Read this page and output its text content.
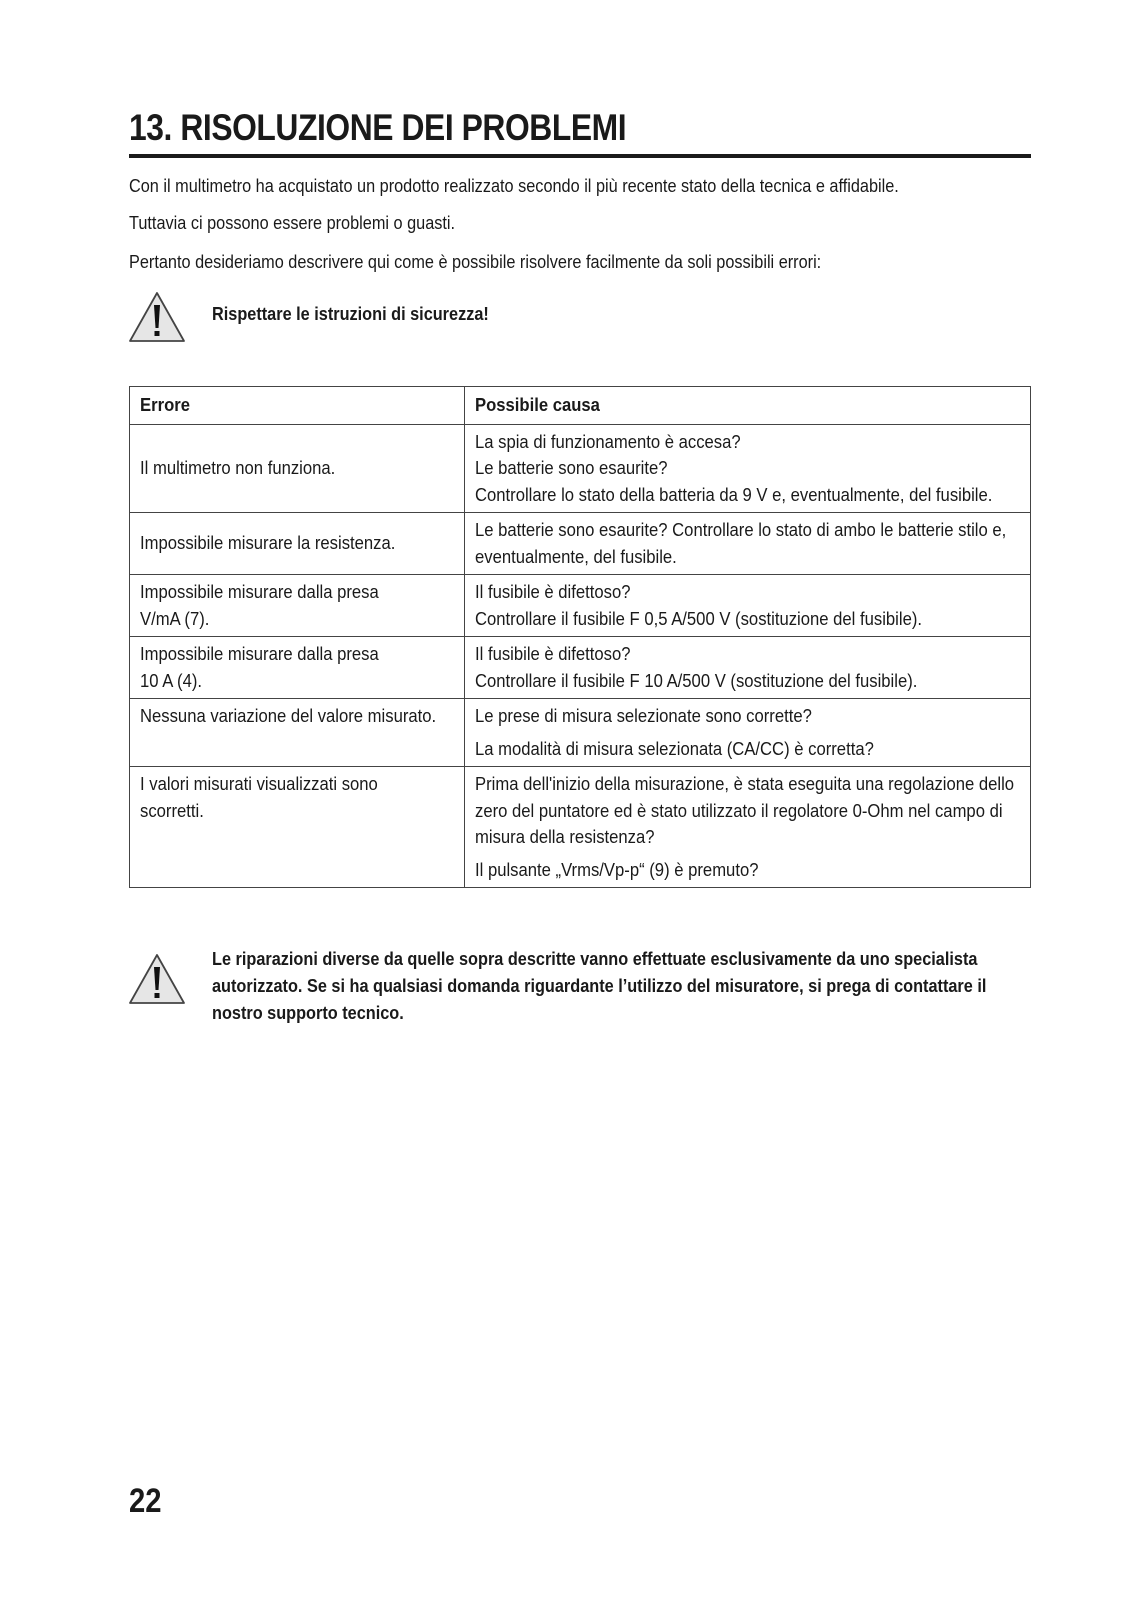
13. RISOLUZIONE DEI PROBLEMI

Con il multimetro ha acquistato un prodotto realizzato secondo il più recente stato della tecnica e affidabile.

Tuttavia ci possono essere problemi o guasti.

Pertanto desideriamo descrivere qui come è possibile risolvere facilmente da soli possibili errori:

Rispettare le istruzioni di sicurezza!

Errore	Possibile causa

Il multimetro non funziona.	La spia di funzionamento è accesa?
Le batterie sono esaurite?
Controllare lo stato della batteria da 9 V e, eventualmente, del fusibile.

Impossibile misurare la resistenza.	Le batterie sono esaurite? Controllare lo stato di ambo le batterie stilo e, eventualmente, del fusibile.

Impossibile misurare dalla presa V/mA (7).	Il fusibile è difettoso?
Controllare il fusibile F 0,5 A/500 V (sostituzione del fusibile).

Impossibile misurare dalla presa 10 A (4).	Il fusibile è difettoso?
Controllare il fusibile F 10 A/500 V (sostituzione del fusibile).

Nessuna variazione del valore misurato.	Le prese di misura selezionate sono corrette?
La modalità di misura selezionata (CA/CC) è corretta?

I valori misurati visualizzati sono scorretti.	Prima dell'inizio della misurazione, è stata eseguita una regolazione dello zero del puntatore ed è stato utilizzato il regolatore 0-Ohm nel campo di misura della resistenza?
Il pulsante „Vrms/Vp-p“ (9) è premuto?

Le riparazioni diverse da quelle sopra descritte vanno effettuate esclusivamente da uno specialista autorizzato. Se si ha qualsiasi domanda riguardante l’utilizzo del misuratore, si prega di contattare il nostro supporto tecnico.

22
